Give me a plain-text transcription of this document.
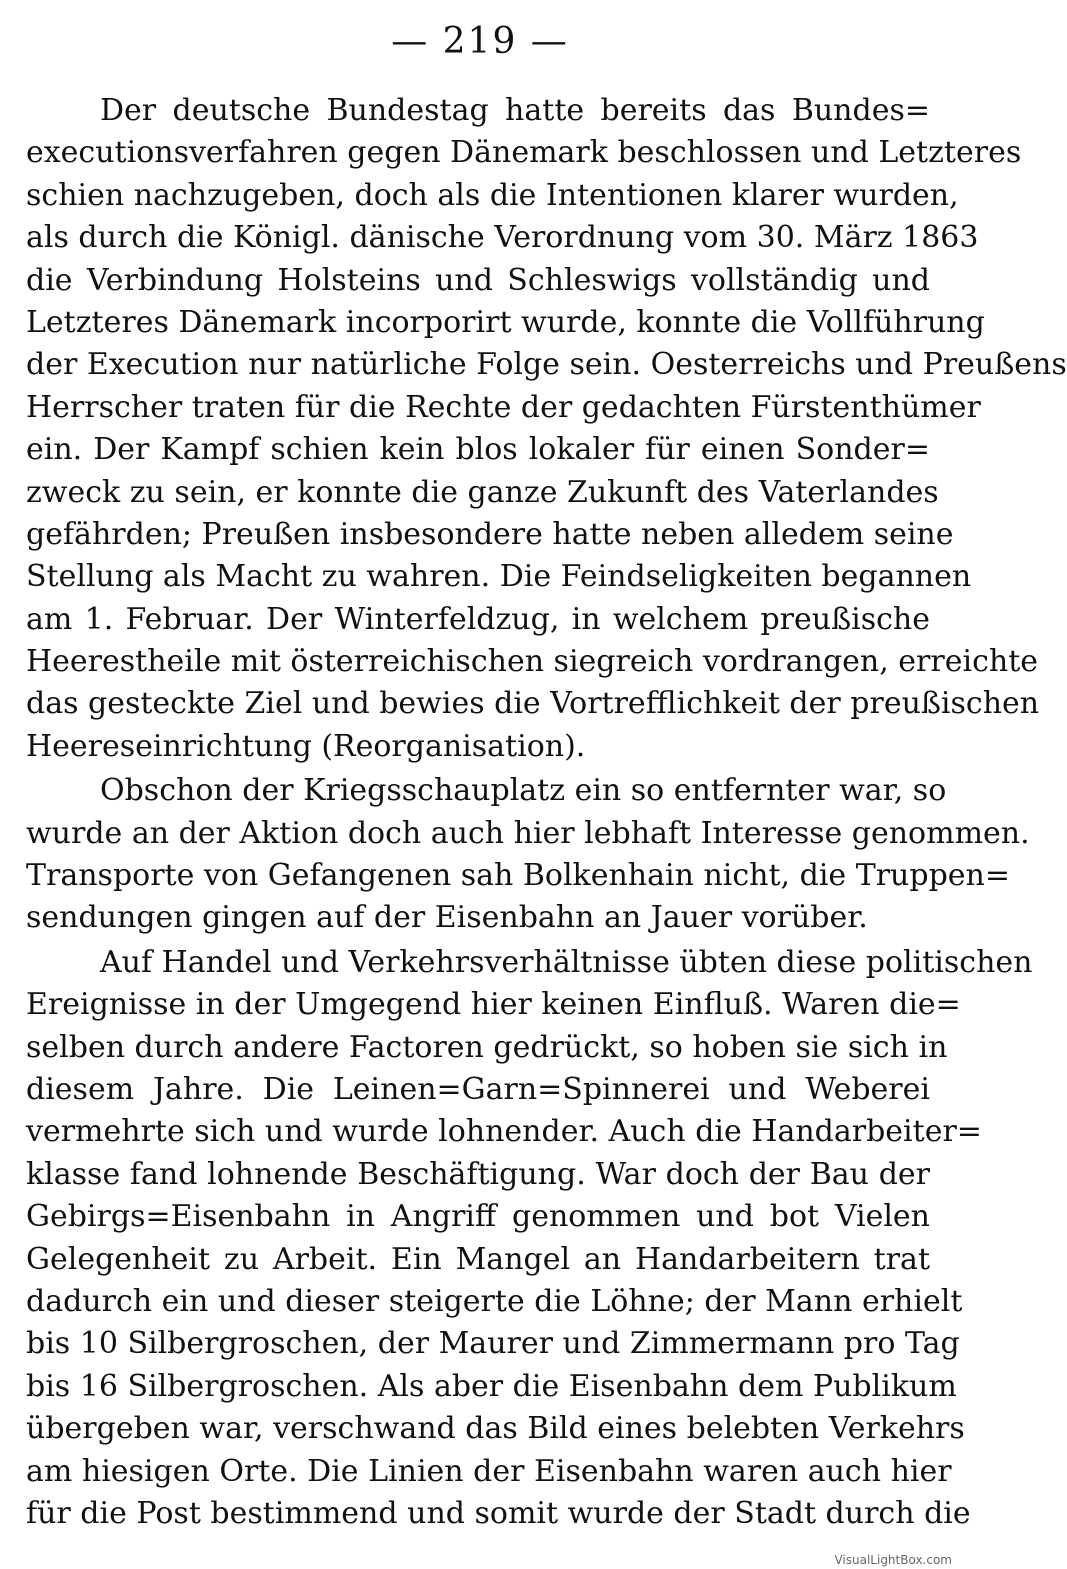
— 219 —
Der deutsche Bundestag hatte bereits das Bundes=
executionsverfahren gegen Dänemark beschlossen und Letzteres
schien nachzugeben, doch als die Intentionen klarer wurden,
als durch die Königl. dänische Verordnung vom 30. März 1863
die Verbindung Holsteins und Schleswigs vollständig und
Letzteres Dänemark incorporirt wurde, konnte die Vollführung
der Execution nur natürliche Folge sein. Oesterreichs und Preußens
Herrscher traten für die Rechte der gedachten Fürstenthümer
ein. Der Kampf schien kein blos lokaler für einen Sonder=
zweck zu sein, er konnte die ganze Zukunft des Vaterlandes
gefährden; Preußen insbesondere hatte neben alledem seine
Stellung als Macht zu wahren. Die Feindseligkeiten begannen
am 1. Februar. Der Winterfeldzug, in welchem preußische
Heerestheile mit österreichischen siegreich vordrangen, erreichte
das gesteckte Ziel und bewies die Vortrefflichkeit der preußischen
Heereseinrichtung (Reorganisation).
Obschon der Kriegsschauplatz ein so entfernter war, so
wurde an der Aktion doch auch hier lebhaft Interesse genommen.
Transporte von Gefangenen sah Bolkenhain nicht, die Truppen=
sendungen gingen auf der Eisenbahn an Jauer vorüber.
Auf Handel und Verkehrsverhältnisse übten diese politischen
Ereignisse in der Umgegend hier keinen Einfluß. Waren die=
selben durch andere Factoren gedrückt, so hoben sie sich in
diesem Jahre. Die Leinen=Garn=Spinnerei und Weberei
vermehrte sich und wurde lohnender. Auch die Handarbeiter=
klasse fand lohnende Beschäftigung. War doch der Bau der
Gebirgs=Eisenbahn in Angriff genommen und bot Vielen
Gelegenheit zu Arbeit. Ein Mangel an Handarbeitern trat
dadurch ein und dieser steigerte die Löhne; der Mann erhielt
bis 10 Silbergroschen, der Maurer und Zimmermann pro Tag
bis 16 Silbergroschen. Als aber die Eisenbahn dem Publikum
übergeben war, verschwand das Bild eines belebten Verkehrs
am hiesigen Orte. Die Linien der Eisenbahn waren auch hier
für die Post bestimmend und somit wurde der Stadt durch die
VisualLightBox.com
